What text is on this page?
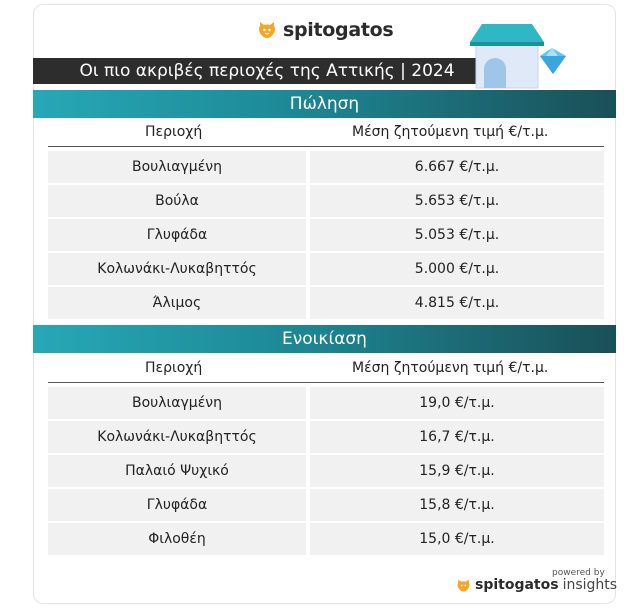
spitogatos
Οι πιο ακριβές περιοχές της Αττικής | 2024
Πώληση
Περιοχή	Μέση ζητούμενη τιμή €/τ.μ.
Βουλιαγμένη	6.667 €/τ.μ.
Βούλα	5.653 €/τ.μ.
Γλυφάδα	5.053 €/τ.μ.
Κολωνάκι-Λυκαβηττός	5.000 €/τ.μ.
Άλιμος	4.815 €/τ.μ.
Ενοικίαση
Περιοχή	Μέση ζητούμενη τιμή €/τ.μ.
Βουλιαγμένη	19,0 €/τ.μ.
Κολωνάκι-Λυκαβηττός	16,7 €/τ.μ.
Παλαιό Ψυχικό	15,9 €/τ.μ.
Γλυφάδα	15,8 €/τ.μ.
Φιλοθέη	15,0 €/τ.μ.
powered by
spitogatos insights
